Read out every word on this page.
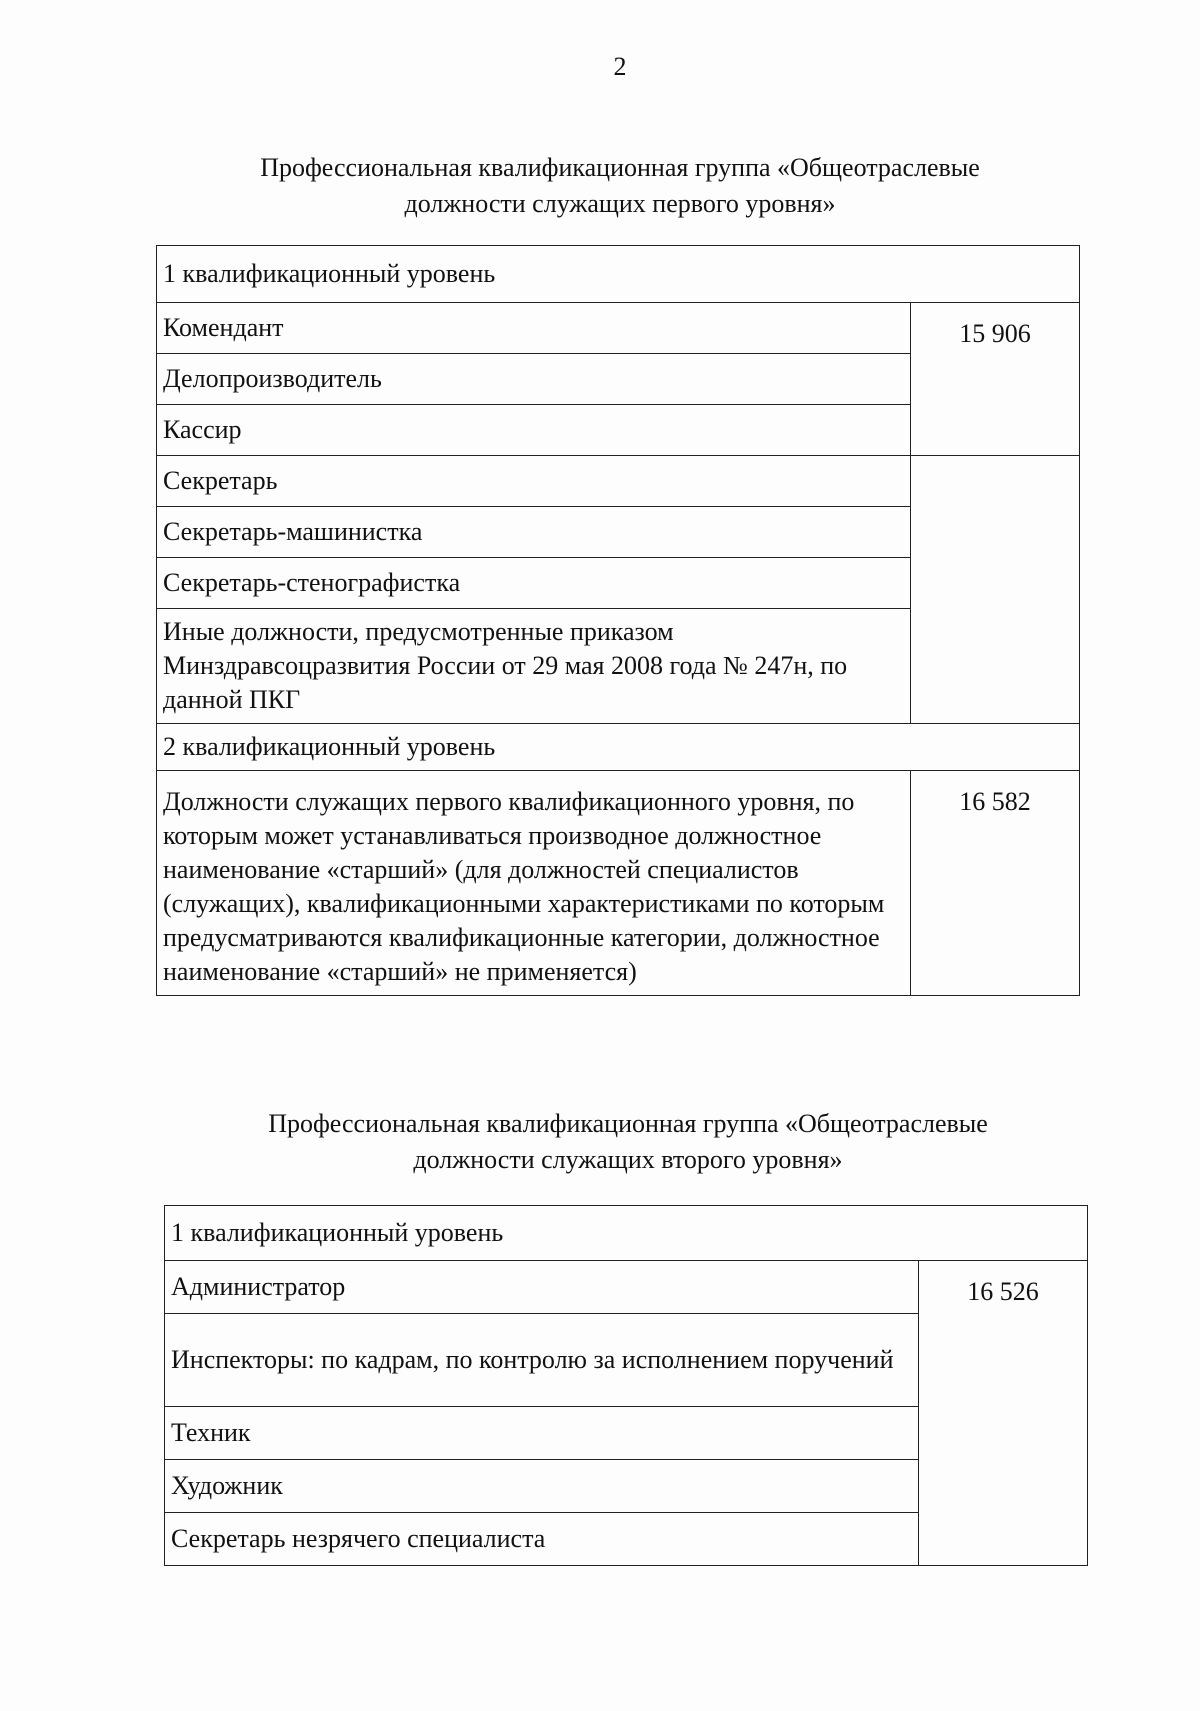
2
Профессиональная квалификационная группа «Общеотраслевые
должности служащих первого уровня»
1 квалификационный уровень	
Комендант	15 906
Делопроизводитель	
Кассир	
Секретарь	
Секретарь-машинистка	
Секретарь-стенографистка	
Иные должности, предусмотренные приказом Минздравсоцразвития России от 29 мая 2008 года № 247н, по данной ПКГ	
2 квалификационный уровень	
Должности служащих первого квалификационного уровня, по которым может устанавливаться производное должностное наименование «старший» (для должностей специалистов (служащих), квалификационными характеристиками по которым предусматриваются квалификационные категории, должностное наименование «старший» не применяется)	16 582
Профессиональная квалификационная группа «Общеотраслевые
должности служащих второго уровня»
1 квалификационный уровень
Администратор	16 526
Инспекторы: по кадрам, по контролю за исполнением поручений
Техник
Художник
Секретарь незрячего специалиста
